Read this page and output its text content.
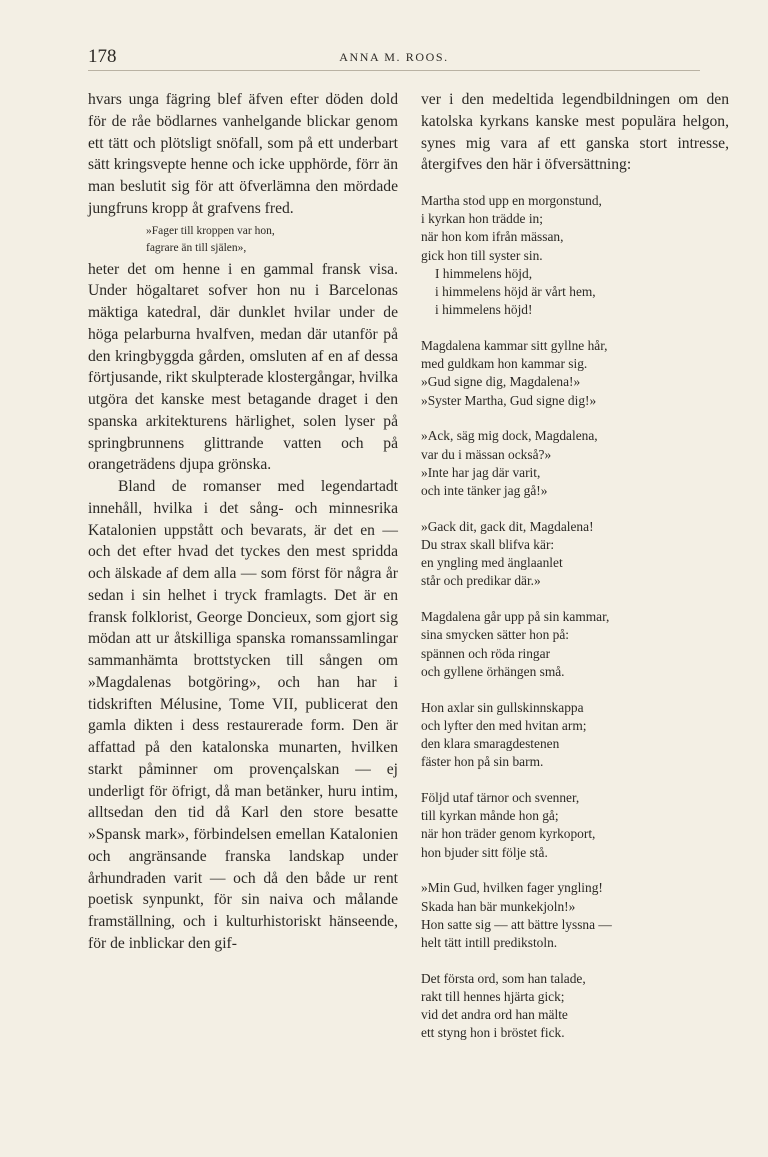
178	ANNA M. ROOS.

hvars unga fägring blef äfven efter döden dold för de råe bödlarnes vanhelgande blickar genom ett tätt och plötsligt snöfall, som på ett underbart sätt kringsvepte henne och icke upphörde, förr än man beslutit sig för att öfverlämna den mördade jungfruns kropp åt grafvens fred.

»Fager till kroppen var hon,
fagrare än till själen»,

heter det om henne i en gammal fransk visa. Under högaltaret sofver hon nu i Barcelonas mäktiga katedral, där dunklet hvilar under de höga pelarburna hvalfven, medan där utanför på den kringbyggda gården, omsluten af en af dessa förtjusande, rikt skulpterade klostergångar, hvilka utgöra det kanske mest betagande draget i den spanska arkitekturens härlighet, solen lyser på springbrunnens glittrande vatten och på orangeträdens djupa grönska.

Bland de romanser med legendartadt innehåll, hvilka i det sång- och minnesrika Katalonien uppstått och bevarats, är det en — och det efter hvad det tyckes den mest spridda och älskade af dem alla — som först för några år sedan i sin helhet i tryck framlagts. Det är en fransk folklorist, George Doncieux, som gjort sig mödan att ur åtskilliga spanska romanssamlingar sammanhämta brottstycken till sången om »Magdalenas botgöring», och han har i tidskriften Mélusine, Tome VII, publicerat den gamla dikten i dess restaurerade form. Den är affattad på den katalonska munarten, hvilken starkt påminner om provençalskan — ej underligt för öfrigt, då man betänker, huru intim, alltsedan den tid då Karl den store besatte »Spansk mark», förbindelsen emellan Katalonien och angränsande franska landskap under århundraden varit — och då den både ur rent poetisk synpunkt, för sin naiva och målande framställning, och i kulturhistoriskt hänseende, för de inblickar den gif-

ver i den medeltida legendbildningen om den katolska kyrkans kanske mest populära helgon, synes mig vara af ett ganska stort intresse, återgifves den här i öfversättning:

Martha stod upp en morgonstund,
i kyrkan hon trädde in;
när hon kom ifrån mässan,
gick hon till syster sin.
I himmelens höjd,
i himmelens höjd är vårt hem,
i himmelens höjd!
Magdalena kammar sitt gyllne hår,
med guldkam hon kammar sig.
»Gud signe dig, Magdalena!»
»Syster Martha, Gud signe dig!»
»Ack, säg mig dock, Magdalena,
var du i mässan också?»
»Inte har jag där varit,
och inte tänker jag gå!»
»Gack dit, gack dit, Magdalena!
Du strax skall blifva kär:
en yngling med änglaanlet
står och predikar där.»
Magdalena går upp på sin kammar,
sina smycken sätter hon på:
spännen och röda ringar
och gyllene örhängen små.
Hon axlar sin gullskinnskappa
och lyfter den med hvitan arm;
den klara smaragdestenen
fäster hon på sin barm.
Följd utaf tärnor och svenner,
till kyrkan månde hon gå;
när hon träder genom kyrkoport,
hon bjuder sitt följe stå.
»Min Gud, hvilken fager yngling!
Skada han bär munkekjoln!»
Hon satte sig — att bättre lyssna —
helt tätt intill predikstoln.
Det första ord, som han talade,
rakt till hennes hjärta gick;
vid det andra ord han mälte
ett styng hon i bröstet fick.
